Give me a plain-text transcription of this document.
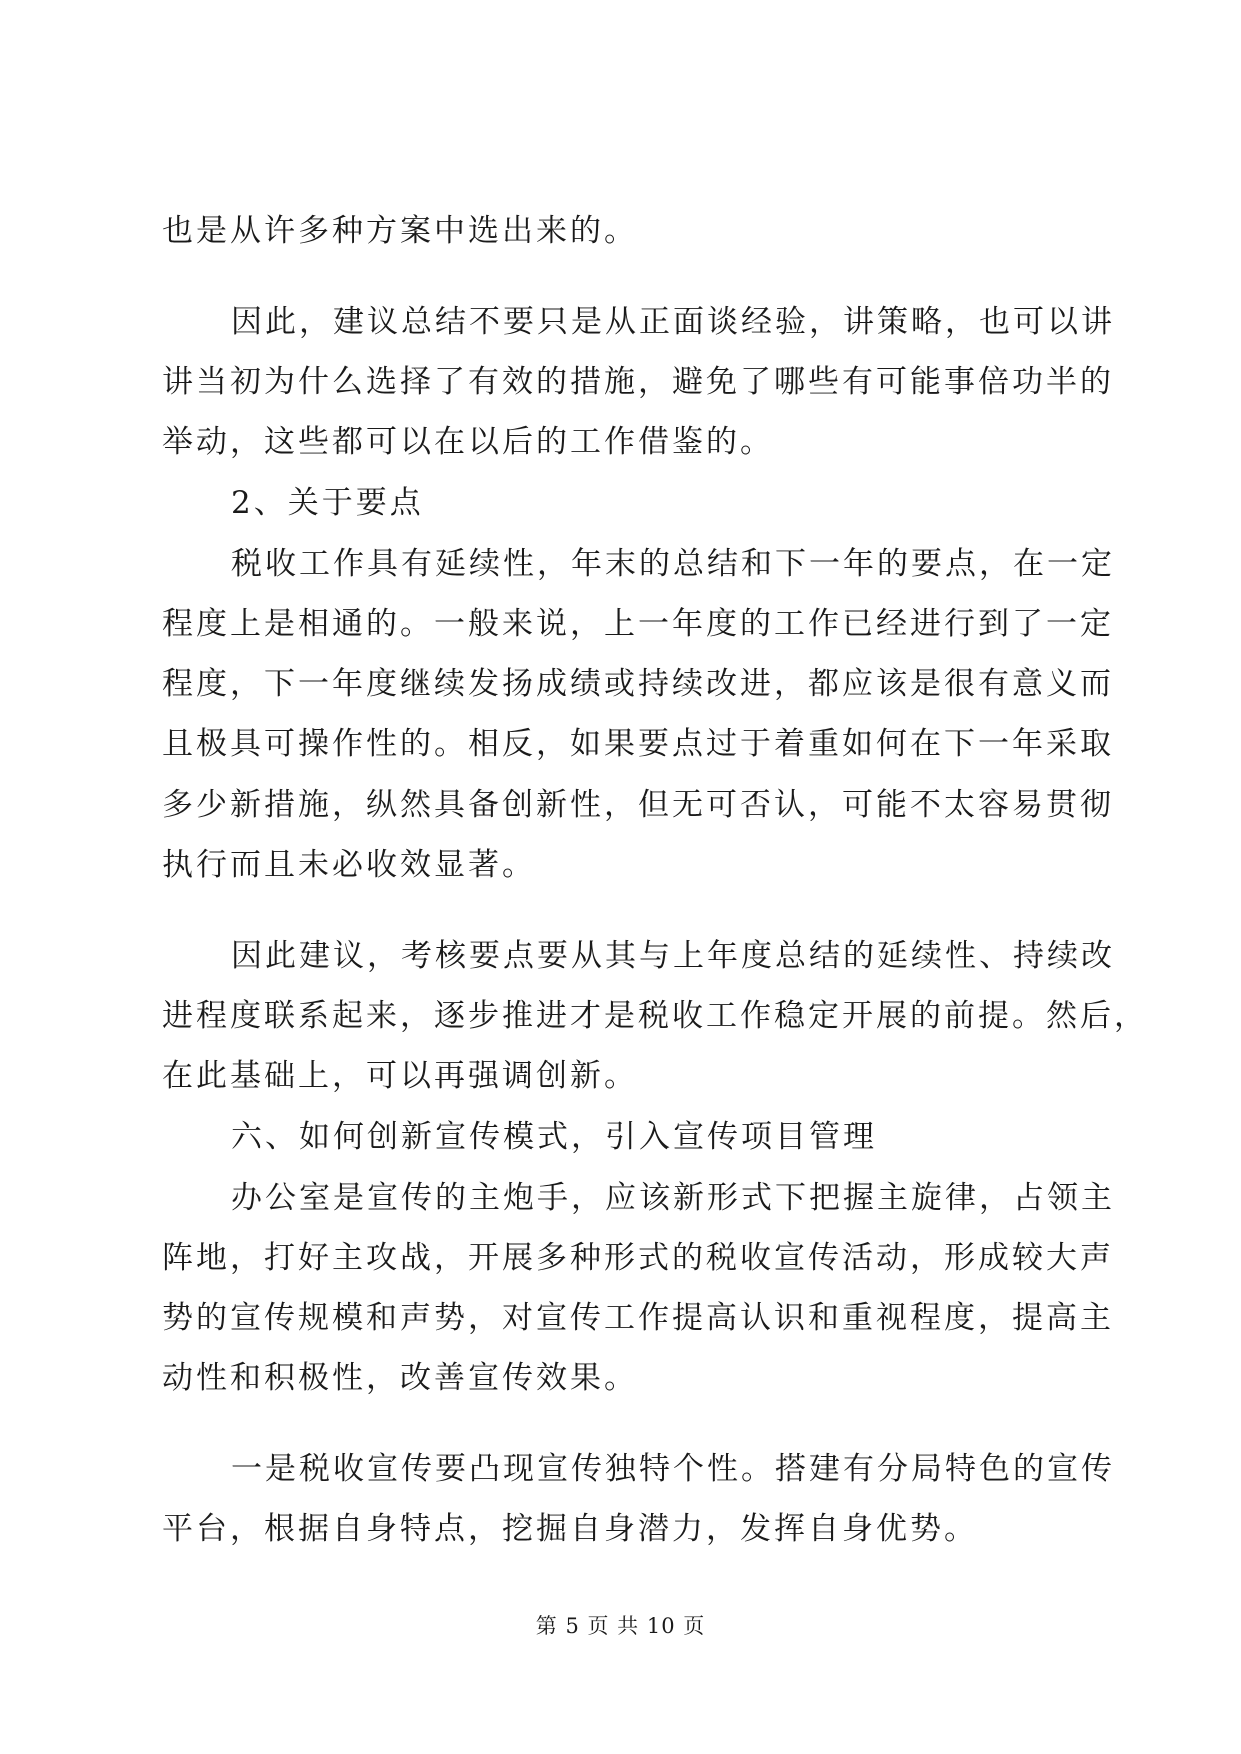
也是从许多种方案中选出来的。
因此，建议总结不要只是从正面谈经验，讲策略，也可以讲
讲当初为什么选择了有效的措施，避免了哪些有可能事倍功半的
举动，这些都可以在以后的工作借鉴的。
2、关于要点
税收工作具有延续性，年末的总结和下一年的要点，在一定
程度上是相通的。一般来说，上一年度的工作已经进行到了一定
程度，下一年度继续发扬成绩或持续改进，都应该是很有意义而
且极具可操作性的。相反，如果要点过于着重如何在下一年采取
多少新措施，纵然具备创新性，但无可否认，可能不太容易贯彻
执行而且未必收效显著。
因此建议，考核要点要从其与上年度总结的延续性、持续改
进程度联系起来，逐步推进才是税收工作稳定开展的前提。然后，
在此基础上，可以再强调创新。
六、如何创新宣传模式，引入宣传项目管理
办公室是宣传的主炮手，应该新形式下把握主旋律，占领主
阵地，打好主攻战，开展多种形式的税收宣传活动，形成较大声
势的宣传规模和声势，对宣传工作提高认识和重视程度，提高主
动性和积极性，改善宣传效果。
一是税收宣传要凸现宣传独特个性。搭建有分局特色的宣传
平台，根据自身特点，挖掘自身潜力，发挥自身优势。
第 5 页 共 10 页
